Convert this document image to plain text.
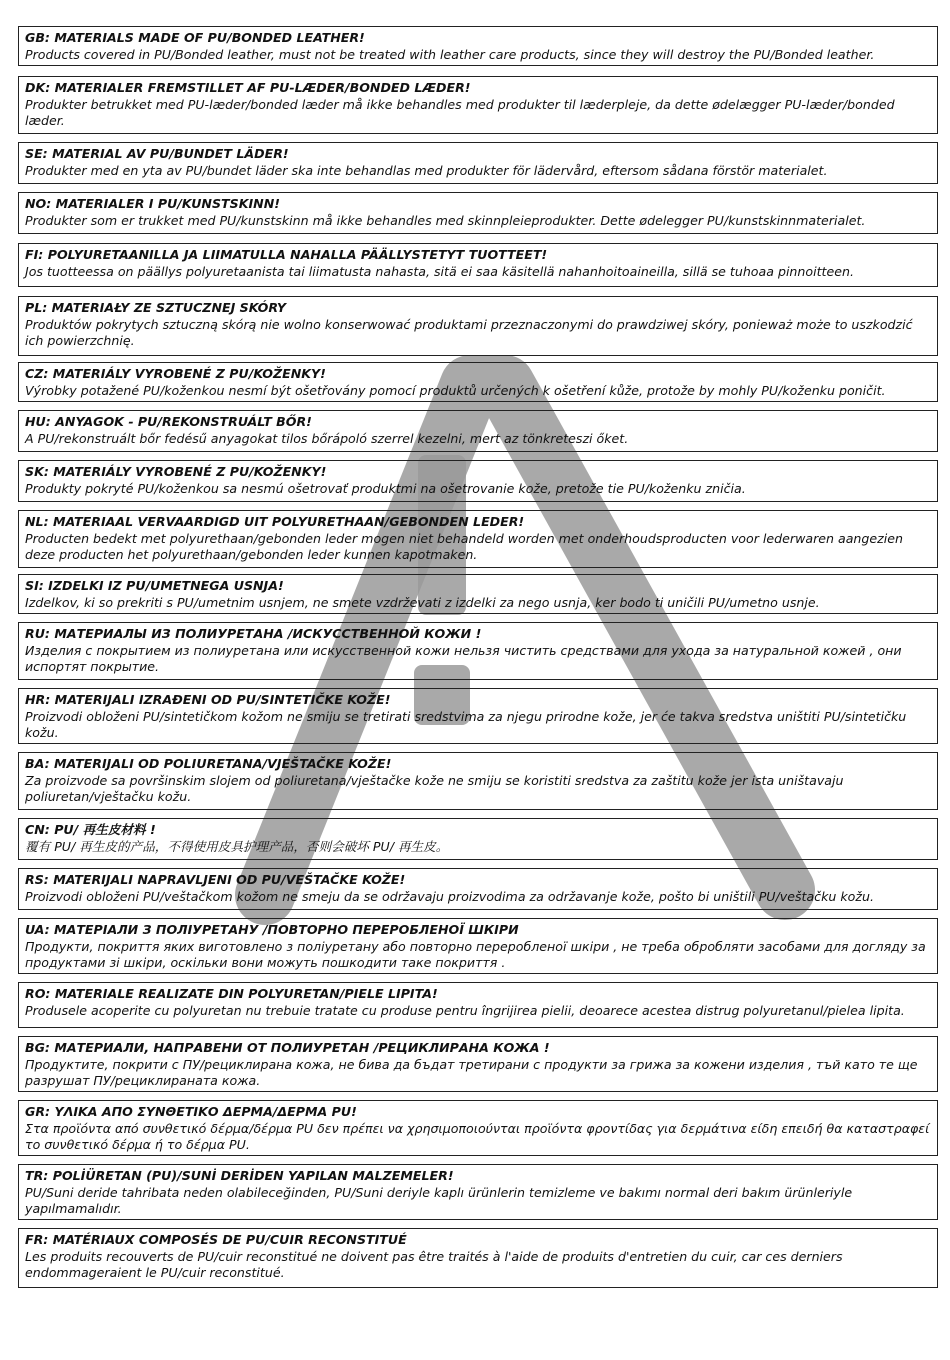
GB: MATERIALS MADE OF PU/BONDED LEATHER!
Products covered in PU/Bonded leather, must not be treated with leather care products, since they will destroy the PU/Bonded leather.
DK: MATERIALER FREMSTILLET AF PU-LÆDER/BONDED LÆDER!
Produkter betrukket med PU-læder/bonded læder må ikke behandles med produkter til læderpleje, da dette ødelægger PU-læder/bonded læder.
SE: MATERIAL AV PU/BUNDET LÄDER!
Produkter med en yta av PU/bundet läder ska inte behandlas med produkter för lädervård, eftersom sådana förstör materialet.
NO: MATERIALER I PU/KUNSTSKINN!
Produkter som er trukket med PU/kunstskinn må ikke behandles med skinnpleieprodukter. Dette ødelegger PU/kunstskinnmaterialet.
FI: POLYURETAANILLA JA LIIMATULLA NAHALLA PÄÄLLYSTETYT TUOTTEET!
Jos tuotteessa on päällys polyuretaanista tai liimatusta nahasta, sitä ei saa käsitellä nahanhoitoaineilla, sillä se tuhoaa pinnoitteen.
PL: MATERIAŁY ZE SZTUCZNEJ SKÓRY
Produktów pokrytych sztuczną skórą nie wolno konserwować produktami przeznaczonymi do prawdziwej skóry, ponieważ może to uszkodzić ich powierzchnię.
CZ: MATERIÁLY VYROBENÉ Z PU/KOŽENKY!
Výrobky potažené PU/koženkou nesmí být ošetřovány pomocí produktů určených k ošetření kůže, protože by mohly PU/koženku poničit.
HU: ANYAGOK - PU/REKONSTRUÁLT BŐR!
A PU/rekonstruált bőr fedésű anyagokat tilos bőrápoló szerrel kezelni, mert az tönkreteszi őket.
SK: MATERIÁLY VYROBENÉ Z PU/KOŽENKY!
Produkty pokryté PU/koženkou sa nesmú ošetrovať produktmi na ošetrovanie kože, pretože tie PU/koženku zničia.
NL: MATERIAAL VERVAARDIGD UIT POLYURETHAAN/GEBONDEN LEDER!
Producten bedekt met polyurethaan/gebonden leder mogen niet behandeld worden met onderhoudsproducten voor lederwaren aangezien deze producten het polyurethaan/gebonden leder kunnen kapotmaken.
SI: IZDELKI IZ PU/UMETNEGA USNJA!
Izdelkov, ki so prekriti s PU/umetnim usnjem, ne smete vzdrževati z izdelki za nego usnja, ker bodo ti uničili PU/umetno usnje.
RU: МАТЕРИАЛЫ ИЗ ПОЛИУРЕТАНА /ИСКУССТВЕННОЙ КОЖИ !
Изделия с покрытием из полиуретана или искусственной кожи нельзя чистить средствами для ухода за натуральной кожей , они испортят покрытие.
HR: MATERIJALI IZRAĐENI OD PU/SINTETIČKE KOŽE!
Proizvodi obloženi PU/sintetičkom kožom ne smiju se tretirati sredstvima za njegu prirodne kože, jer će takva sredstva uništiti PU/sintetičku kožu.
BA: MATERIJALI OD POLIURETANA/VJEŠTAČKE KOŽE!
Za proizvode sa površinskim slojem od poliuretana/vještačke kože ne smiju se koristiti sredstva za zaštitu kože jer ista uništavaju poliuretan/vještačku kožu.
CN: PU/ 再生皮材料 !
覆有 PU/ 再生皮的产品，不得使用皮具护理产品，否则会破坏 PU/ 再生皮。
RS: MATERIJALI NAPRAVLJENI OD PU/VEŠTAČKE KOŽE!
Proizvodi obloženi PU/veštačkom kožom ne smeju da se održavaju proizvodima za održavanje kože, pošto bi uništili PU/veštačku kožu.
UA: МАТЕРІАЛИ З ПОЛІУРЕТАНУ /ПОВТОРНО ПЕРЕРОБЛЕНОЇ ШКІРИ
Продукти, покриття яких виготовлено з поліуретану або повторно переробленої шкіри , не треба обробляти засобами для догляду за продуктами зі шкіри, оскільки вони можуть пошкодити таке покриття .
RO: MATERIALE REALIZATE DIN POLYURETAN/PIELE LIPITA!
Produsele acoperite cu polyuretan nu trebuie tratate cu produse pentru îngrijirea pielii, deoarece acestea distrug polyuretanul/pielea lipita.
BG: МАТЕРИАЛИ, НАПРАВЕНИ ОТ ПОЛИУРЕТАН /РЕЦИКЛИРАНА КОЖА !
Продуктите, покрити с ПУ/рециклирана кожа, не бива да бъдат третирани с продукти за грижа за кожени изделия , тъй като те ще разрушат ПУ/рециклираната кожа.
GR: ΥΛΙΚΑ ΑΠΟ ΣΥΝΘΕΤΙΚΟ ΔΕΡΜΑ/ΔΕΡΜΑ PU!
Στα προϊόντα από συνθετικό δέρμα/δέρμα PU δεν πρέπει να χρησιμοποιούνται προϊόντα φροντίδας για δερμάτινα είδη επειδή θα καταστραφεί το συνθετικό δέρμα ή το δέρμα PU.
TR: POLİÜRETAN (PU)/SUNİ DERİDEN YAPILAN MALZEMELER!
PU/Suni deride tahribata neden olabileceğinden, PU/Suni deriyle kaplı ürünlerin temizleme ve bakımı normal deri bakım ürünleriyle yapılmamalıdır.
FR: MATÉRIAUX COMPOSÉS DE PU/CUIR RECONSTITUÉ
Les produits recouverts de PU/cuir reconstitué ne doivent pas être traités à l'aide de produits d'entretien du cuir, car ces derniers endommageraient le PU/cuir reconstitué.
